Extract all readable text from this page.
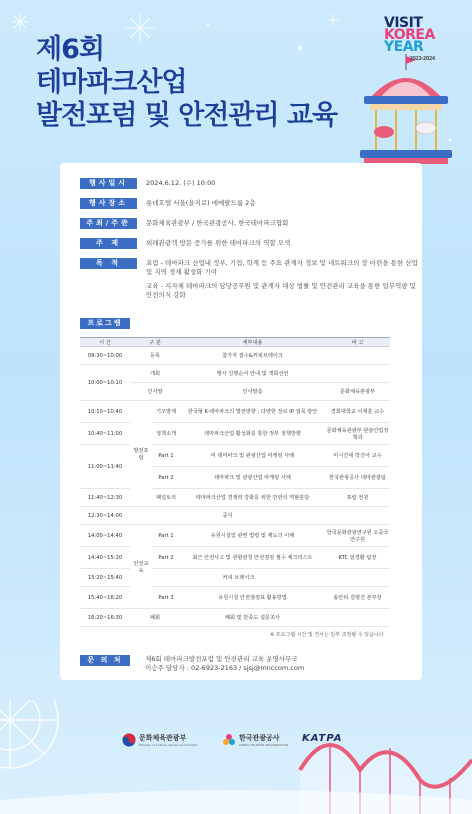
제6회
테마파크산업
발전포럼 및 안전관리 교육
VISIT
KOREA
YEAR
2023-2024
행사일시	2024.6.12. (수) 10:00
행사장소	롯데호텔 서울(을지로) 에메랄드룸 2층
주최/주관	문화체육관광부 / 한국관광공사, 한국테마파크협회
주 제	외래관광객 방문 증가를 위한 테마파크의 역할 모색
목 적	포럼 - 테마파크 산업내 정부, 기업, 학계 등 주요 관계자 정보 및 네트워크의 장 마련을 통한 산업 및 지역 경제 활성화 기여
교육 - 지자체 테마파크의 담당공무원 및 관계자 대상 법률 및 안전관리 교육을 통한 업무역량 및 안전의식 강화
프로그램
시 간	구 분		세부내용	비 고
09:30~10:00	등록		참가자 접수&커피브레이크	
10:00~10:10	개회		행사 진행순서 안내 및 개회선언	
	인사말		인사말씀	문화체육관광부
10:10~10:40	발전포럼	기조발제	한국형 K-테마파크의 발전방향 : 다양한 장르 IP 접목 방안	경희대학교 이재훈 교수
10:40~11:00		정책소개	테마파크산업 활성화를 통한 정부 정책방향	문화체육관광부 관광산업정책과
11:00~11:40		Part 1	미 테마파크 및 관광산업 마케팅 사례	미시간대 박진아 교수
		Part 2	테마파크 및 관광산업 마케팅 사례	한국관광공사 테마관광팀
11:40~12:30		패널토의	테마파크산업 경쟁력 강화를 위한 민관의 역할분담	포럼 전원
12:30~14:00	중식			
14:00~14:40	안전교육	Part 1	유원시설업 관련 법령 및 제도의 이해	한국문화관광연구원 오중국 연구원
14:40~15:20		Part 2	최근 안전사고 및 관할관청 안전점검 필수 체크리스트	KTC 임경환 팀장
15:20~15:40		커피 브레이크		
15:40~16:20		Part 3	유원시설 안전점검표 활용방법	솔안티 김병진 본부장
16:20~16:30	폐회		폐회 및 만족도 설문조사	
※ 프로그램 시간 및 연사는 일부 조정될 수 있습니다
문 의 처	제6회 테마파크발전포럼 및 안전관리 교육 운영사무국
이승주 담당자 : 02-6923-2163 / sjsj@mnccom.com
문화체육관광부
Ministry of Culture, Sports and Tourism
한국관광공사
KOREA TOURISM ORGANIZATION
KATPA
